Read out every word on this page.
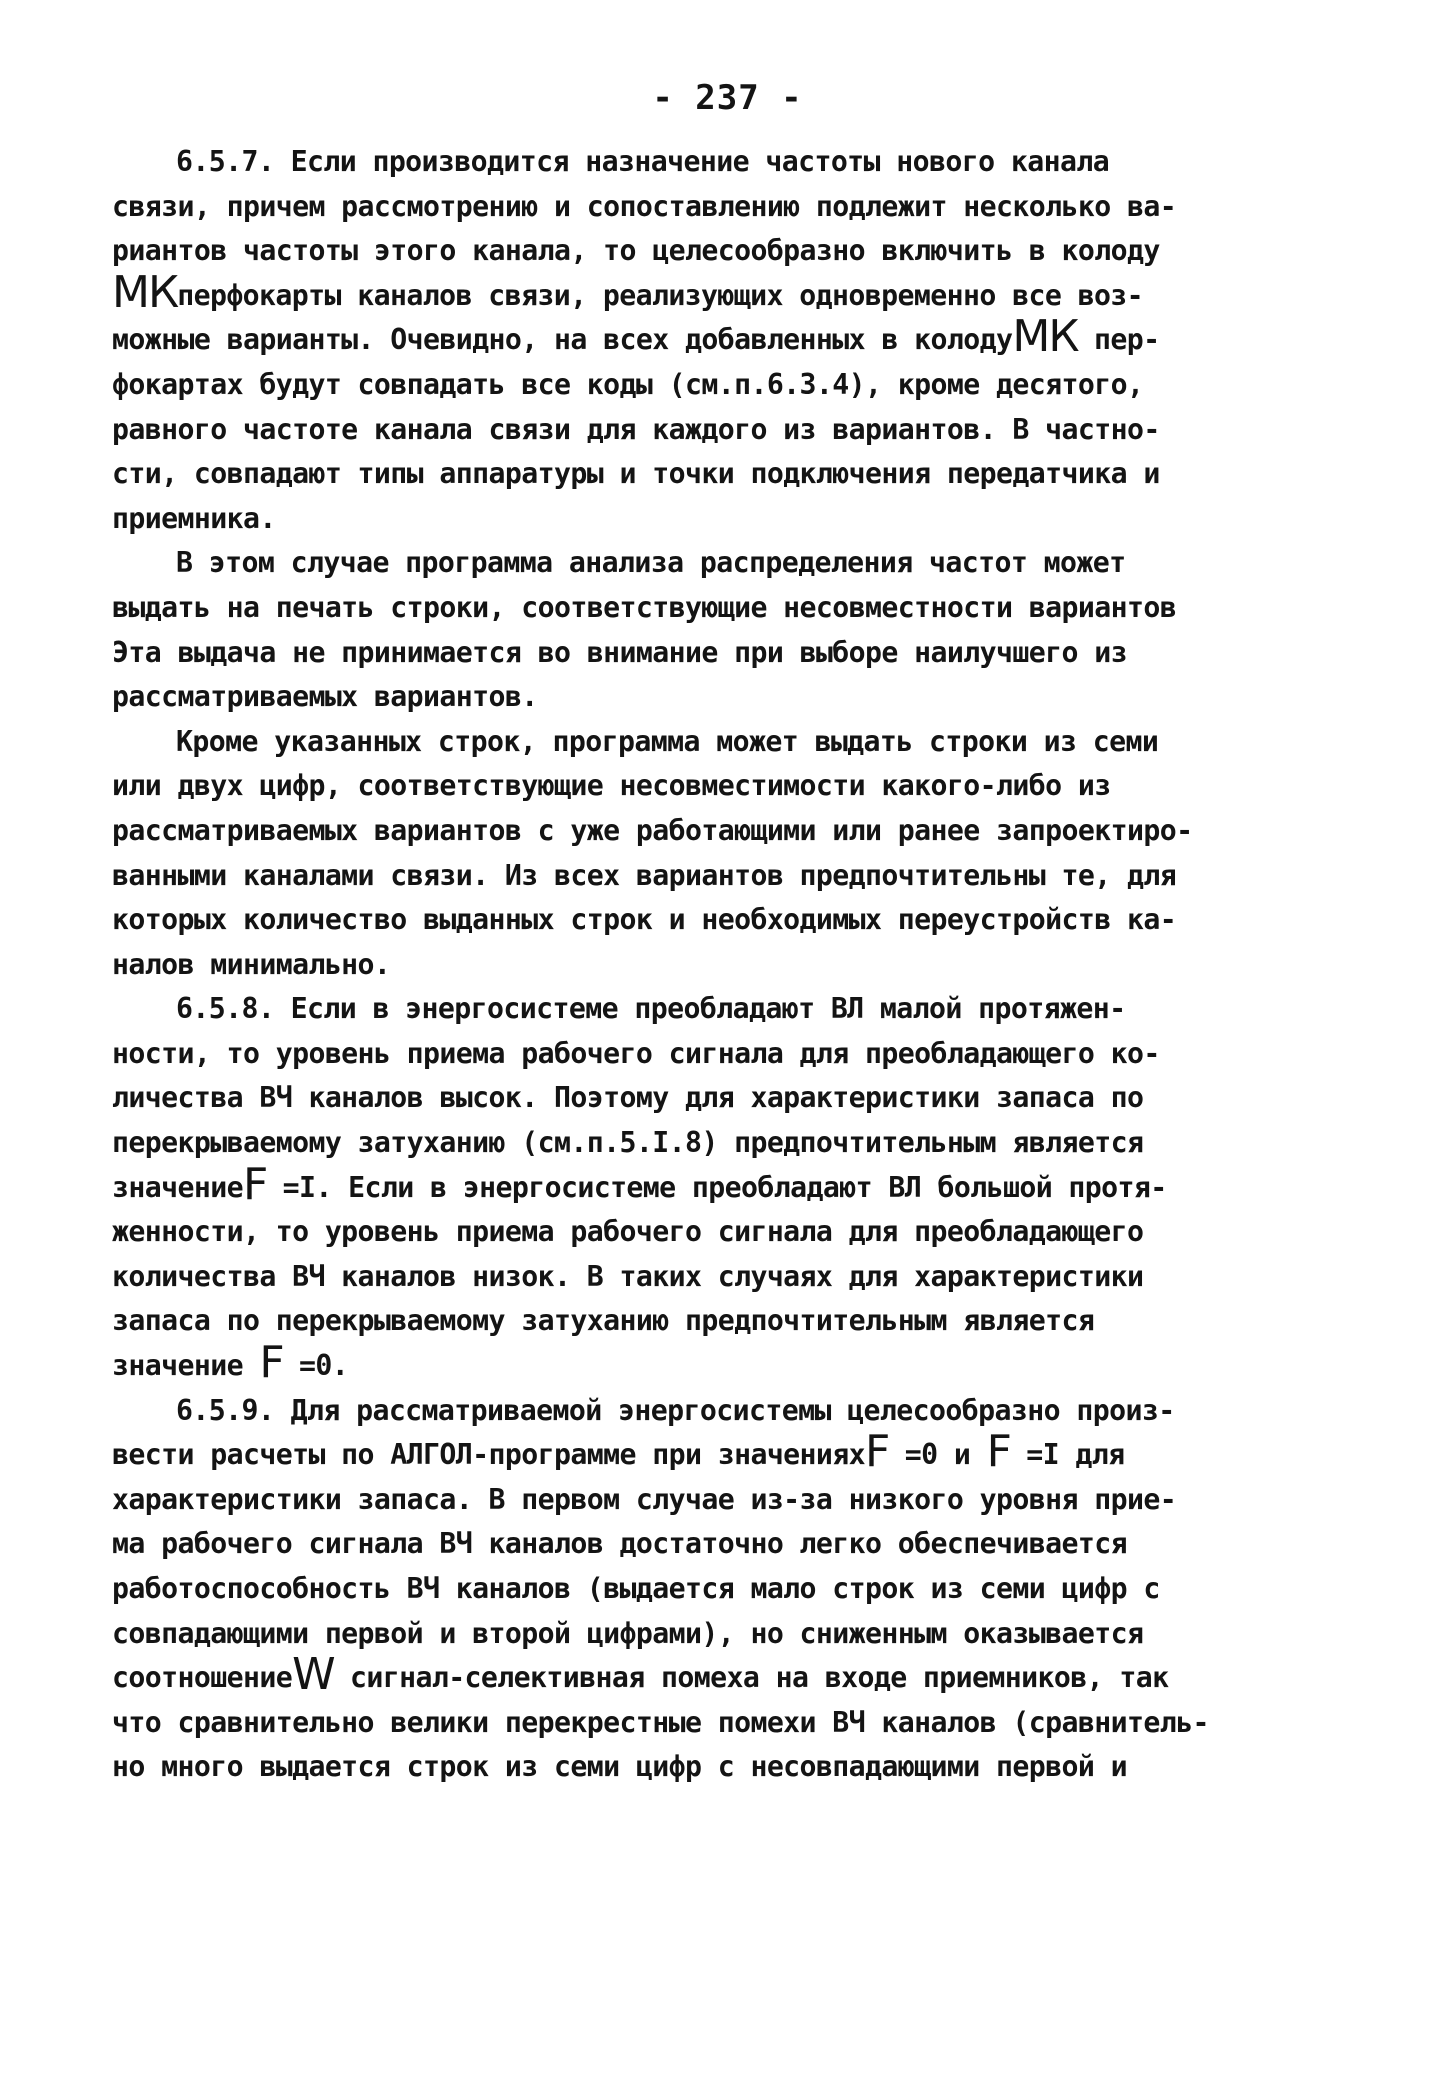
- 237 -
6.5.7. Если производится назначение частоты нового канала
связи, причем рассмотрению и сопоставлению подлежит несколько ва-
риантов частоты этого канала, то целесообразно включить в колоду
МКперфокарты каналов связи, реализующих одновременно все воз-
можные варианты. Очевидно, на всех добавленных в колодуМК пер-
фокартах будут совпадать все коды (см.п.6.3.4), кроме десятого,
равного частоте канала связи для каждого из вариантов. В частно-
сти, совпадают типы аппаратуры и точки подключения передатчика и
приемника.
В этом случае программа анализа распределения частот может
выдать на печать строки, соответствующие несовместности вариантов
Эта выдача не принимается во внимание при выборе наилучшего из
рассматриваемых вариантов.
Кроме указанных строк, программа может выдать строки из семи
или двух цифр, соответствующие несовместимости какого-либо из
рассматриваемых вариантов с уже работающими или ранее запроектиро-
ванными каналами связи. Из всех вариантов предпочтительны те, для
которых количество выданных строк и необходимых переустройств ка-
налов минимально.
6.5.8. Если в энергосистеме преобладают ВЛ малой протяжен-
ности, то уровень приема рабочего сигнала для преобладающего ко-
личества ВЧ каналов высок. Поэтому для характеристики запаса по
перекрываемому затуханию (см.п.5.I.8) предпочтительным является
значениеF =I. Если в энергосистеме преобладают ВЛ большой протя-
женности, то уровень приема рабочего сигнала для преобладающего
количества ВЧ каналов низок. В таких случаях для характеристики
запаса по перекрываемому затуханию предпочтительным является
значение F =0.
6.5.9. Для рассматриваемой энергосистемы целесообразно произ-
вести расчеты по АЛГОЛ-программе при значенияхF =0 и F =I для
характеристики запаса. В первом случае из-за низкого уровня прие-
ма рабочего сигнала ВЧ каналов достаточно легко обеспечивается
работоспособность ВЧ каналов (выдается мало строк из семи цифр с
совпадающими первой и второй цифрами), но сниженным оказывается
соотношениеW сигнал-селективная помеха на входе приемников, так
что сравнительно велики перекрестные помехи ВЧ каналов (сравнитель-
но много выдается строк из семи цифр с несовпадающими первой и
